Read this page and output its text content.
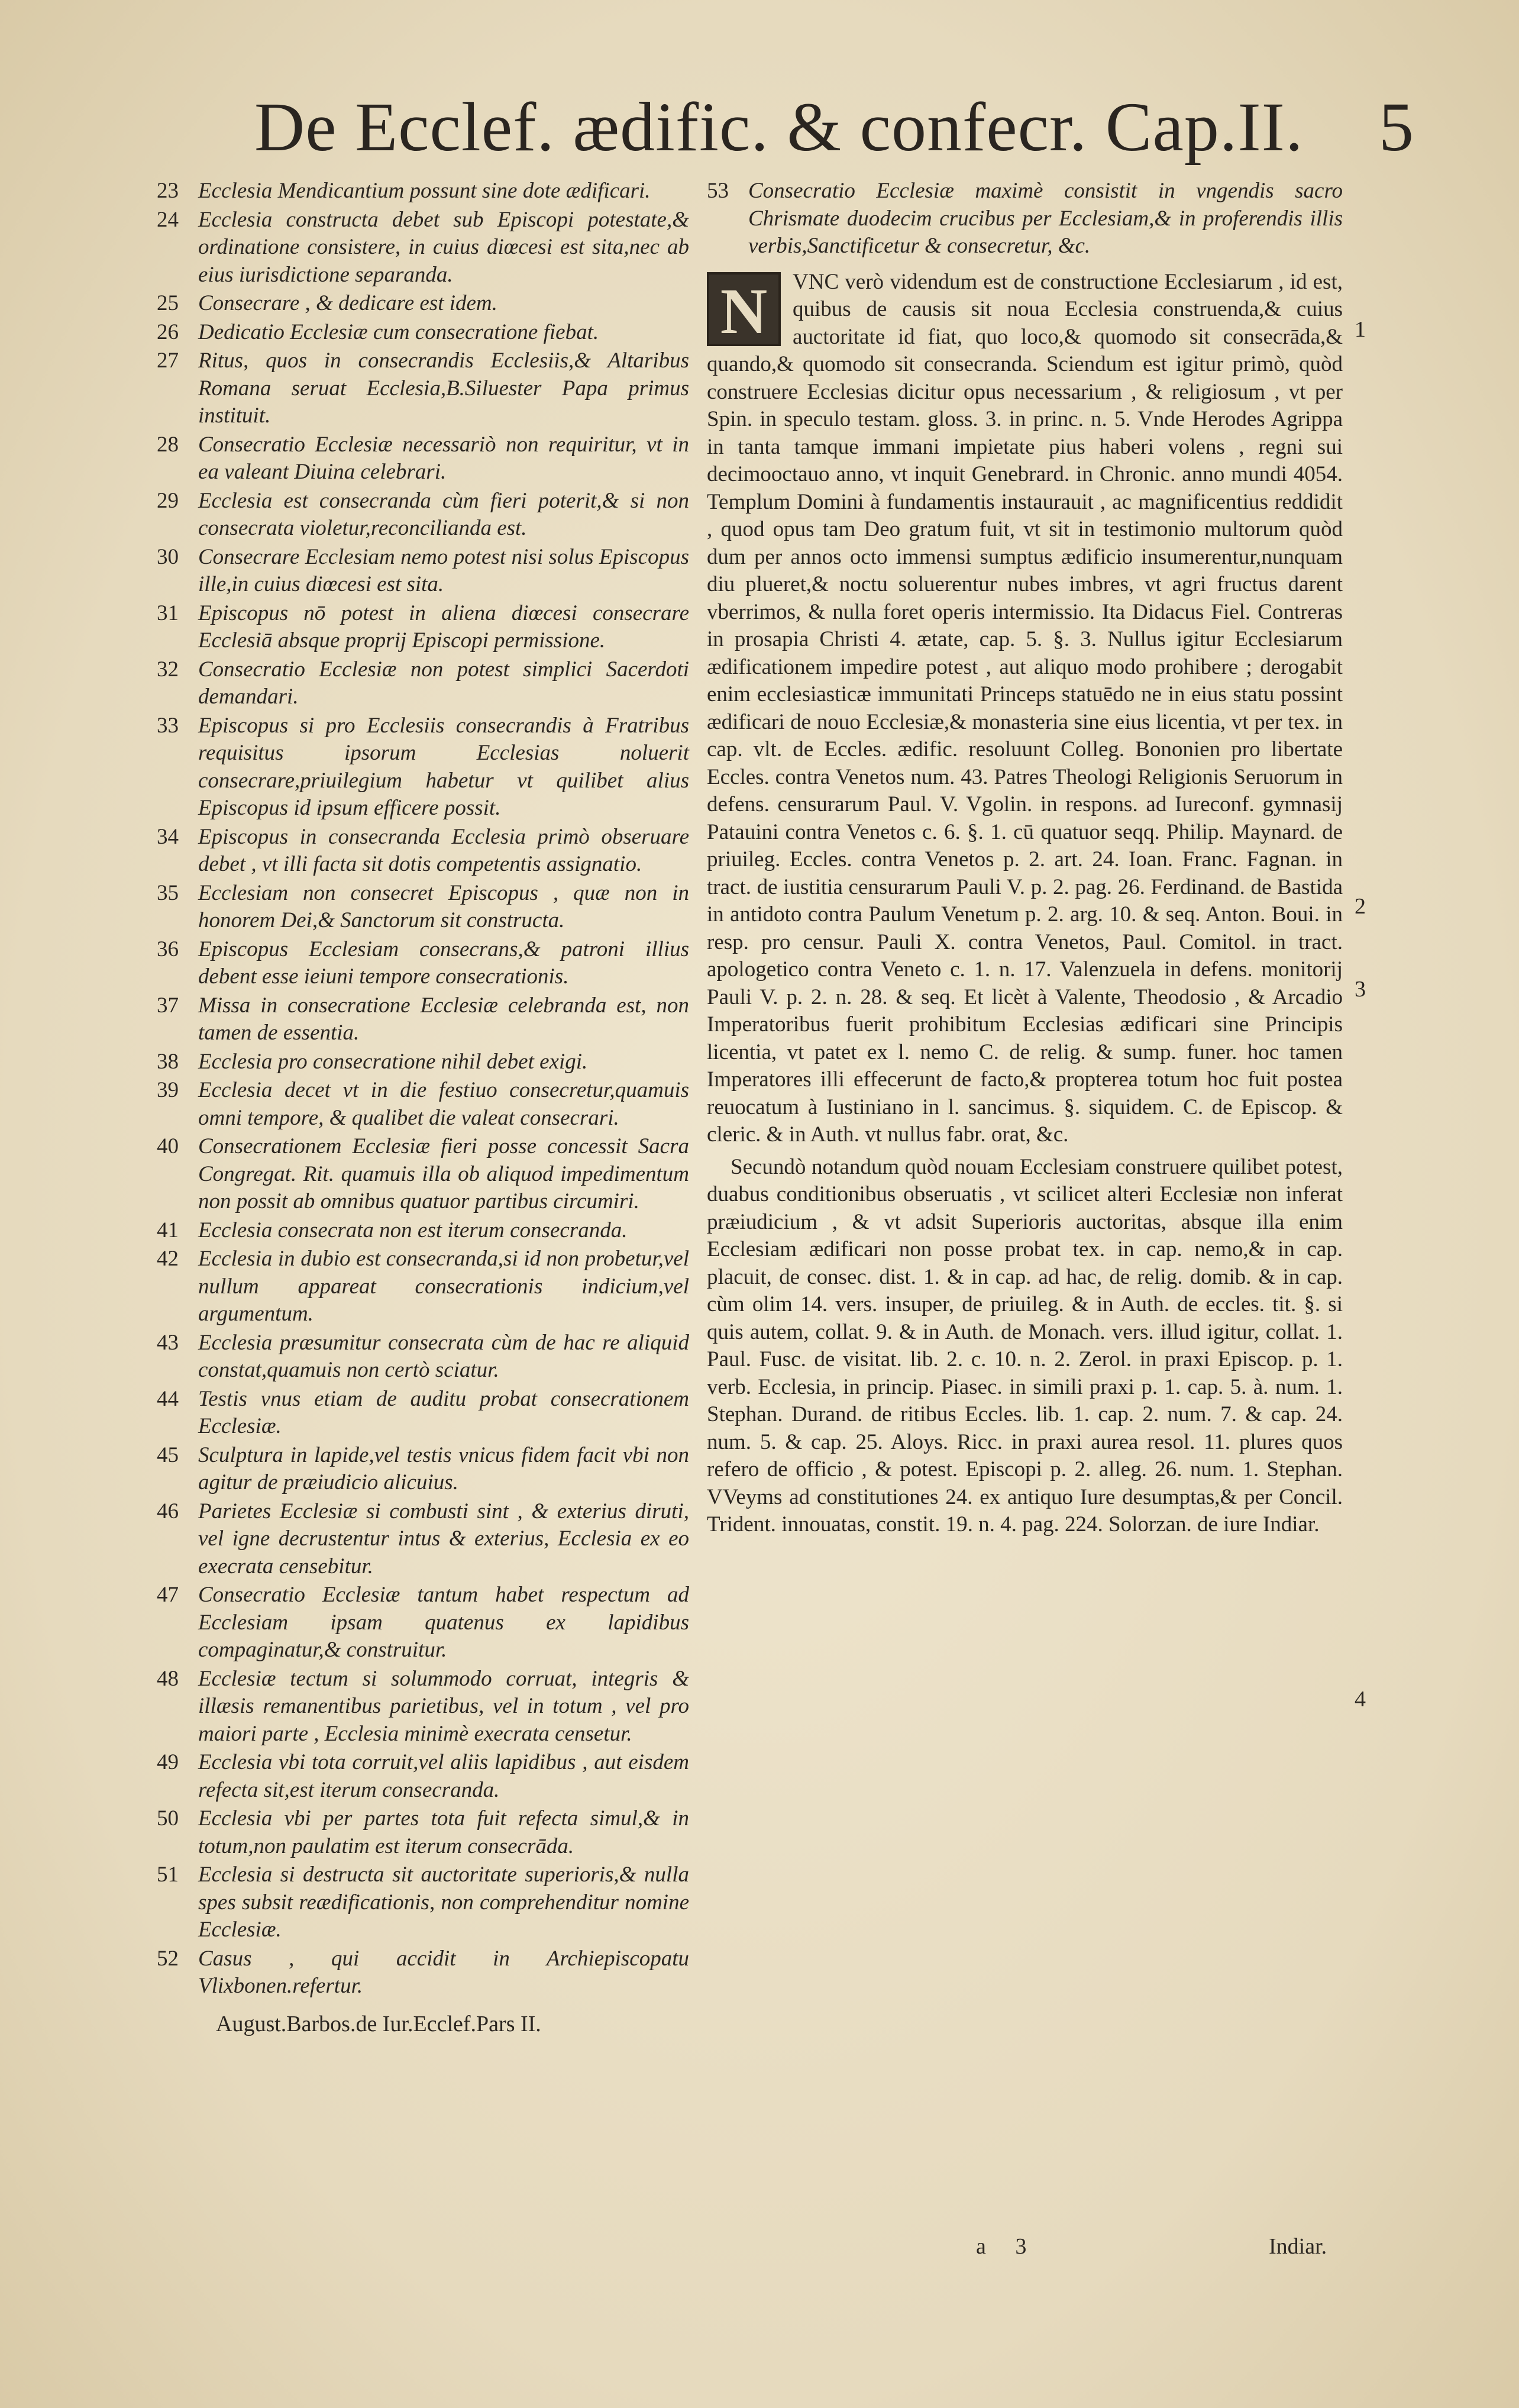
De Ecclef. ædific. & confecr. Cap.II. 5
23 Ecclesia Mendicantium possunt sine dote ædificari.
24 Ecclesia constructa debet sub Episcopi potestate,& ordinatione consistere, in cuius diœcesi est sita,nec ab eius iurisdictione separanda.
25 Consecrare , & dedicare est idem.
26 Dedicatio Ecclesiæ cum consecratione fiebat.
27 Ritus, quos in consecrandis Ecclesiis,& Altaribus Romana seruat Ecclesia,B.Siluester Papa primus instituit.
28 Consecratio Ecclesiæ necessariò non requiritur, vt in ea valeant Diuina celebrari.
29 Ecclesia est consecranda cùm fieri poterit,& si non consecrata violetur,reconcilianda est.
30 Consecrare Ecclesiam nemo potest nisi solus Episcopus ille,in cuius diœcesi est sita.
31 Episcopus nō potest in aliena diœcesi consecrare Ecclesiā absque proprij Episcopi permissione.
32 Consecratio Ecclesiæ non potest simplici Sacerdoti demandari.
33 Episcopus si pro Ecclesiis consecrandis à Fratribus requisitus ipsorum Ecclesias noluerit consecrare,priuilegium habetur vt quilibet alius Episcopus id ipsum efficere possit.
34 Episcopus in consecranda Ecclesia primò obseruare debet , vt illi facta sit dotis competentis assignatio.
35 Ecclesiam non consecret Episcopus , quæ non in honorem Dei,& Sanctorum sit constructa.
36 Episcopus Ecclesiam consecrans,& patroni illius debent esse ieiuni tempore consecrationis.
37 Missa in consecratione Ecclesiæ celebranda est, non tamen de essentia.
38 Ecclesia pro consecratione nihil debet exigi.
39 Ecclesia decet vt in die festiuo consecretur,quamuis omni tempore, & qualibet die valeat consecrari.
40 Consecrationem Ecclesiæ fieri posse concessit Sacra Congregat. Rit. quamuis illa ob aliquod impedimentum non possit ab omnibus quatuor partibus circumiri.
41 Ecclesia consecrata non est iterum consecranda.
42 Ecclesia in dubio est consecranda,si id non probetur,vel nullum appareat consecrationis indicium,vel argumentum.
43 Ecclesia præsumitur consecrata cùm de hac re aliquid constat,quamuis non certò sciatur.
44 Testis vnus etiam de auditu probat consecrationem Ecclesiæ.
45 Sculptura in lapide,vel testis vnicus fidem facit vbi non agitur de præiudicio alicuius.
46 Parietes Ecclesiæ si combusti sint , & exterius diruti, vel igne decrustentur intus & exterius, Ecclesia ex eo execrata censebitur.
47 Consecratio Ecclesiæ tantum habet respectum ad Ecclesiam ipsam quatenus ex lapidibus compaginatur,& construitur.
48 Ecclesiæ tectum si solummodo corruat, integris & illæsis remanentibus parietibus, vel in totum , vel pro maiori parte , Ecclesia minimè execrata censetur.
49 Ecclesia vbi tota corruit,vel aliis lapidibus , aut eisdem refecta sit,est iterum consecranda.
50 Ecclesia vbi per partes tota fuit refecta simul,& in totum,non paulatim est iterum consecrāda.
51 Ecclesia si destructa sit auctoritate superioris,& nulla spes subsit reædificationis, non comprehenditur nomine Ecclesiæ.
52 Casus , qui accidit in Archiepiscopatu Vlixbonen.refertur.
August.Barbos.de Iur.Ecclef.Pars II.
53 Consecratio Ecclesiæ maximè consistit in vngendis sacro Chrismate duodecim crucibus per Ecclesiam,& in proferendis illis verbis,Sanctificetur & consecretur, &c.
N	VNC verò videndum est de constructione Ecclesiarum , id est, quibus de causis sit noua Ecclesia construenda,& cuius auctoritate id fiat, quo loco,& quomodo sit consecrāda,& quando,& quomodo sit consecranda. Sciendum est igitur primò, quòd construere Ecclesias dicitur opus necessarium , & religiosum , vt per Spin. in speculo testam. gloss. 3. in princ. n. 5. Vnde Herodes Agrippa in tanta tamque immani impietate pius haberi volens , regni sui decimooctauo anno, vt inquit Genebrard. in Chronic. anno mundi 4054. Templum Domini à fundamentis instaurauit , ac magnificentius reddidit , quod opus tam Deo gratum fuit, vt sit in testimonio multorum quòd dum per annos octo immensi sumptus ædificio insumerentur,nunquam diu plueret,& noctu soluerentur nubes imbres, vt agri fructus darent vberrimos, & nulla foret operis intermissio. Ita Didacus Fiel. Contreras in prosapia Christi 4. ætate, cap. 5. §. 3. Nullus igitur Ecclesiarum ædificationem impedire potest , aut aliquo modo prohibere ; derogabit enim ecclesiasticæ immunitati Princeps statuēdo ne in eius statu possint ædificari de nouo Ecclesiæ,& monasteria sine eius licentia, vt per tex. in cap. vlt. de Eccles. ædific. resoluunt Colleg. Bononien pro libertate Eccles. contra Venetos num. 43. Patres Theologi Religionis Seruorum in defens. censurarum Paul. V. Vgolin. in respons. ad Iureconf. gymnasij Patauini contra Venetos c. 6. §. 1. cū quatuor seqq. Philip. Maynard. de priuileg. Eccles. contra Venetos p. 2. art. 24. Ioan. Franc. Fagnan. in tract. de iustitia censurarum Pauli V. p. 2. pag. 26. Ferdinand. de Bastida in antidoto contra Paulum Venetum p. 2. arg. 10. & seq. Anton. Boui. in resp. pro censur. Pauli X. contra Venetos, Paul. Comitol. in tract. apologetico contra Veneto c. 1. n. 17. Valenzuela in defens. monitorij Pauli V. p. 2. n. 28. & seq. Et licèt à Valente, Theodosio , & Arcadio Imperatoribus fuerit prohibitum Ecclesias ædificari sine Principis licentia, vt patet ex l. nemo C. de relig. & sump. funer. hoc tamen Imperatores illi effecerunt de facto,& propterea totum hoc fuit postea reuocatum à Iustiniano in l. sancimus. §. siquidem. C. de Episcop. & cleric. & in Auth. vt nullus fabr. orat, &c.
Secundò notandum quòd nouam Ecclesiam construere quilibet potest, duabus conditionibus obseruatis , vt scilicet alteri Ecclesiæ non inferat præiudicium , & vt adsit Superioris auctoritas, absque illa enim Ecclesiam ædificari non posse probat tex. in cap. nemo,& in cap. placuit, de consec. dist. 1. & in cap. ad hac, de relig. domib. & in cap. cùm olim 14. vers. insuper, de priuileg. & in Auth. de eccles. tit. §. si quis autem, collat. 9. & in Auth. de Monach. vers. illud igitur, collat. 1. Paul. Fusc. de visitat. lib. 2. c. 10. n. 2. Zerol. in praxi Episcop. p. 1. verb. Ecclesia, in princip. Piasec. in simili praxi p. 1. cap. 5. à. num. 1. Stephan. Durand. de ritibus Eccles. lib. 1. cap. 2. num. 7. & cap. 24. num. 5. & cap. 25. Aloys. Ricc. in praxi aurea resol. 11. plures quos refero de officio , & potest. Episcopi p. 2. alleg. 26. num. 1. Stephan. VVeyms ad constitutiones 24. ex antiquo Iure desumptas,& per Concil. Trident. innouatas, constit. 19. n. 4. pag. 224. Solorzan. de iure Indiar.
1
2
3
4
a 3	Indiar.
